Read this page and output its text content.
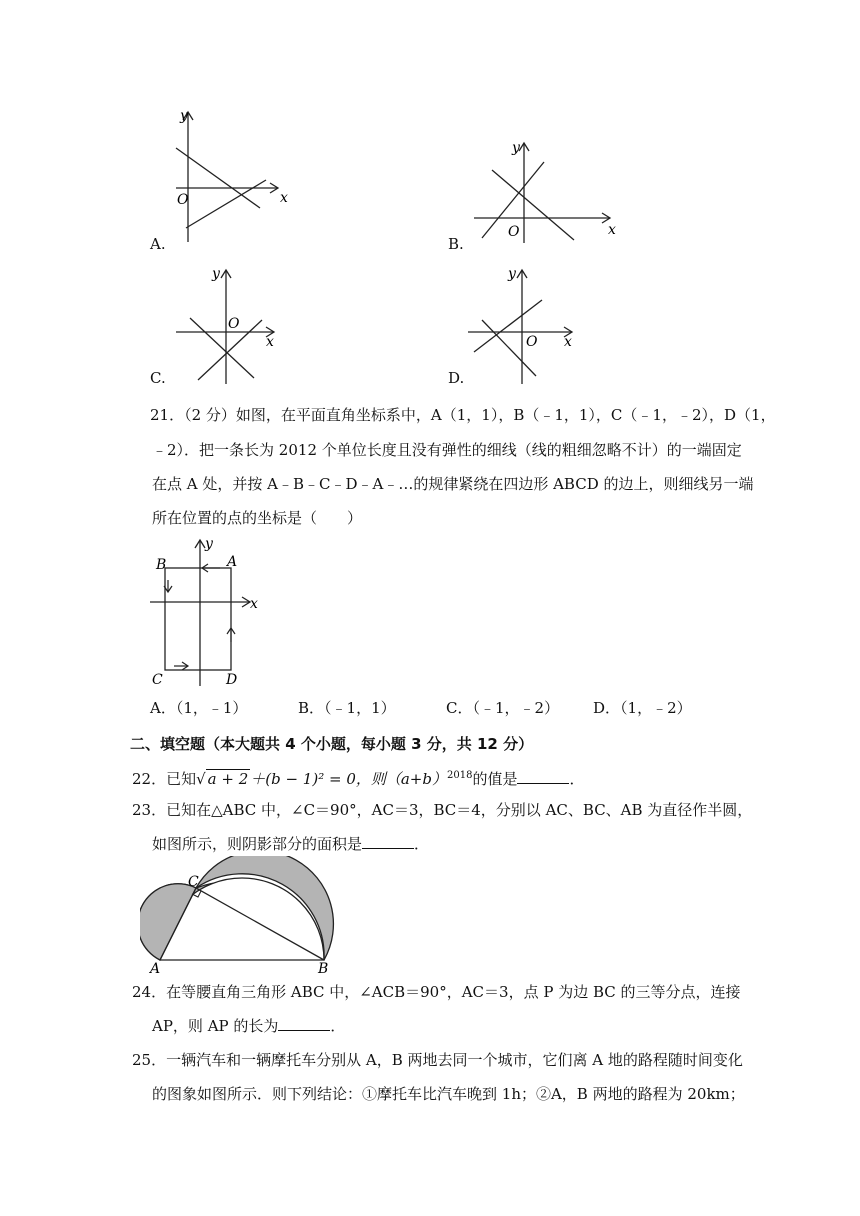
y
x
O
A.
y
x
O
B.
y
x
O
C.
y
x
O
D.
21．（2 分）如图，在平面直角坐标系中，A（1，1），B（﹣1，1），C（﹣1，﹣2），D（1，
﹣2）．把一条长为 2012 个单位长度且没有弹性的细线（线的粗细忽略不计）的一端固定
在点 A 处，并按 A﹣B﹣C﹣D﹣A﹣…的规律紧绕在四边形 ABCD 的边上，则细线另一端
所在位置的点的坐标是（　　）
y
x
A
B
C	D
A．（1，﹣1）	B．（﹣1，1）	C．（﹣1，﹣2） D．（1，﹣2）
二、填空题（本大题共 4 个小题，每小题 3 分，共 12 分）
22．已知√ a + 2 ＋(b − 1)² = 0，则$(a+b)^{2018}$的值是	．
23．已知在△ABC 中，∠C＝90°，AC＝3，BC＝4，分别以 AC、BC、AB 为直径作半圆，
如图所示，则阴影部分的面积是	．
A	B
C
24．在等腰直角三角形 ABC 中，∠ACB＝90°，AC＝3，点 P 为边 BC 的三等分点，连接
AP，则 AP 的长为	．
25．一辆汽车和一辆摩托车分别从 A，B 两地去同一个城市，它们离 A 地的路程随时间变化
的图象如图所示．则下列结论：①摩托车比汽车晚到 1h；②A，B 两地的路程为 20km；
